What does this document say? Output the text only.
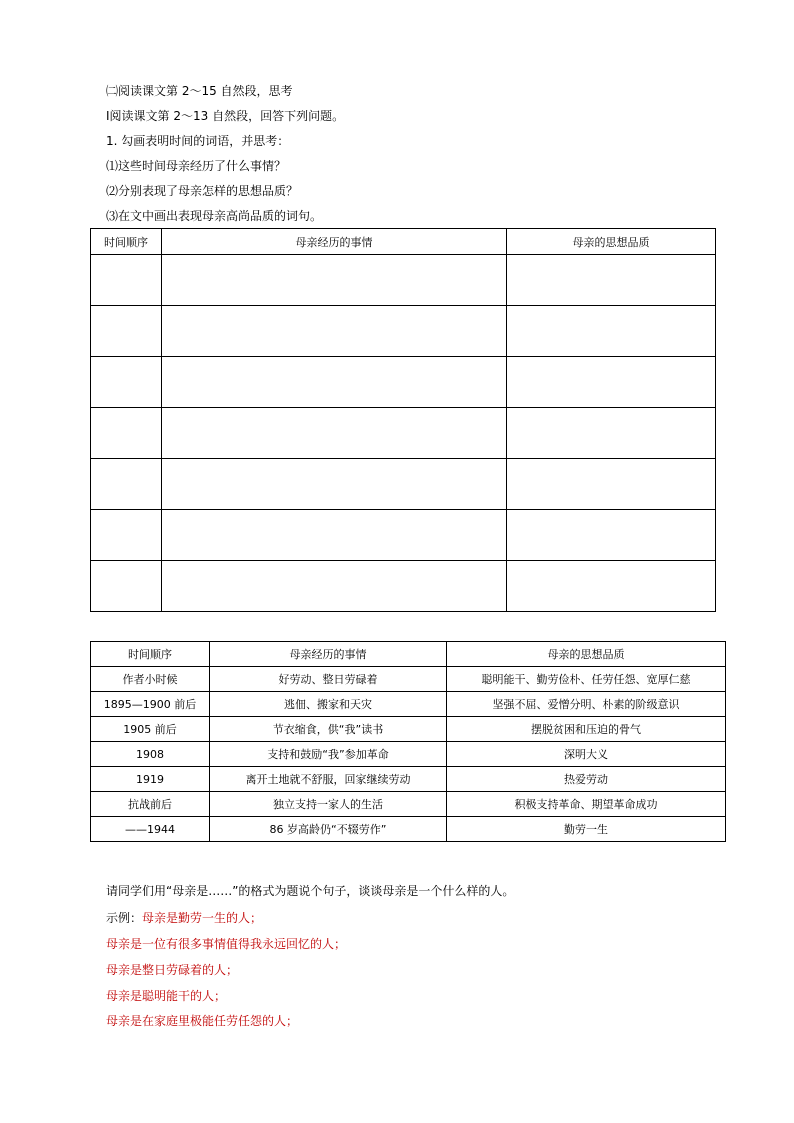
㈡阅读课文第 2～15 自然段，思考
Ⅰ阅读课文第 2～13 自然段，回答下列问题。
1. 勾画表明时间的词语，并思考：
⑴这些时间母亲经历了什么事情？
⑵分别表现了母亲怎样的思想品质？
⑶在文中画出表现母亲高尚品质的词句。
时间顺序	母亲经历的事情	母亲的思想品质

时间顺序	母亲经历的事情	母亲的思想品质
作者小时候	好劳动、整日劳碌着	聪明能干、勤劳俭朴、任劳任怨、宽厚仁慈
1895—1900 前后	逃佃、搬家和天灾	坚强不屈、爱憎分明、朴素的阶级意识
1905 前后	节衣缩食，供“我”读书	摆脱贫困和压迫的骨气
1908	支持和鼓励“我”参加革命	深明大义
1919	离开土地就不舒服，回家继续劳动	热爱劳动
抗战前后	独立支持一家人的生活	积极支持革命、期望革命成功
——1944	86 岁高龄仍“不辍劳作”	勤劳一生
请同学们用“母亲是……”的格式为题说个句子，谈谈母亲是一个什么样的人。
示例：母亲是勤劳一生的人；
母亲是一位有很多事情值得我永远回忆的人；
母亲是整日劳碌着的人；
母亲是聪明能干的人；
母亲是在家庭里极能任劳任怨的人；
